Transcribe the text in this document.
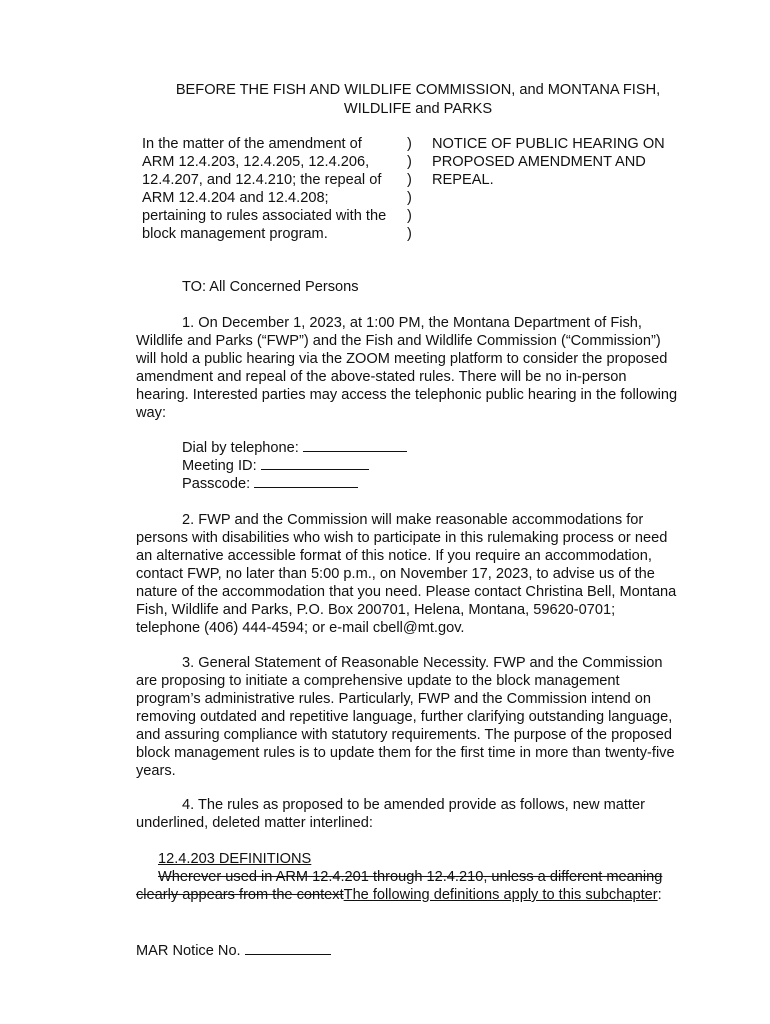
BEFORE THE FISH AND WILDLIFE COMMISSION, and MONTANA FISH,
WILDLIFE and PARKS
In the matter of the amendment of
ARM 12.4.203, 12.4.205, 12.4.206,
12.4.207, and 12.4.210; the repeal of
ARM 12.4.204 and 12.4.208;
pertaining to rules associated with the
block management program.
)
)
)
)
)
)
NOTICE OF PUBLIC HEARING ON
PROPOSED AMENDMENT AND
REPEAL.
TO: All Concerned Persons
1. On December 1, 2023, at 1:00 PM, the Montana Department of Fish,
Wildlife and Parks (“FWP”) and the Fish and Wildlife Commission (“Commission”)
will hold a public hearing via the ZOOM meeting platform to consider the proposed
amendment and repeal of the above-stated rules. There will be no in-person
hearing. Interested parties may access the telephonic public hearing in the following
way:
Dial by telephone:
Meeting ID:
Passcode:
2. FWP and the Commission will make reasonable accommodations for
persons with disabilities who wish to participate in this rulemaking process or need
an alternative accessible format of this notice. If you require an accommodation,
contact FWP, no later than 5:00 p.m., on November 17, 2023, to advise us of the
nature of the accommodation that you need. Please contact Christina Bell, Montana
Fish, Wildlife and Parks, P.O. Box 200701, Helena, Montana, 59620-0701;
telephone (406) 444-4594; or e-mail cbell@mt.gov.
3. General Statement of Reasonable Necessity. FWP and the Commission
are proposing to initiate a comprehensive update to the block management
program’s administrative rules. Particularly, FWP and the Commission intend on
removing outdated and repetitive language, further clarifying outstanding language,
and assuring compliance with statutory requirements. The purpose of the proposed
block management rules is to update them for the first time in more than twenty-five
years.
4. The rules as proposed to be amended provide as follows, new matter
underlined, deleted matter interlined:
12.4.203 DEFINITIONS
Wherever used in ARM 12.4.201 through 12.4.210, unless a different meaning
clearly appears from the contextThe following definitions apply to this subchapter:
MAR Notice No.
